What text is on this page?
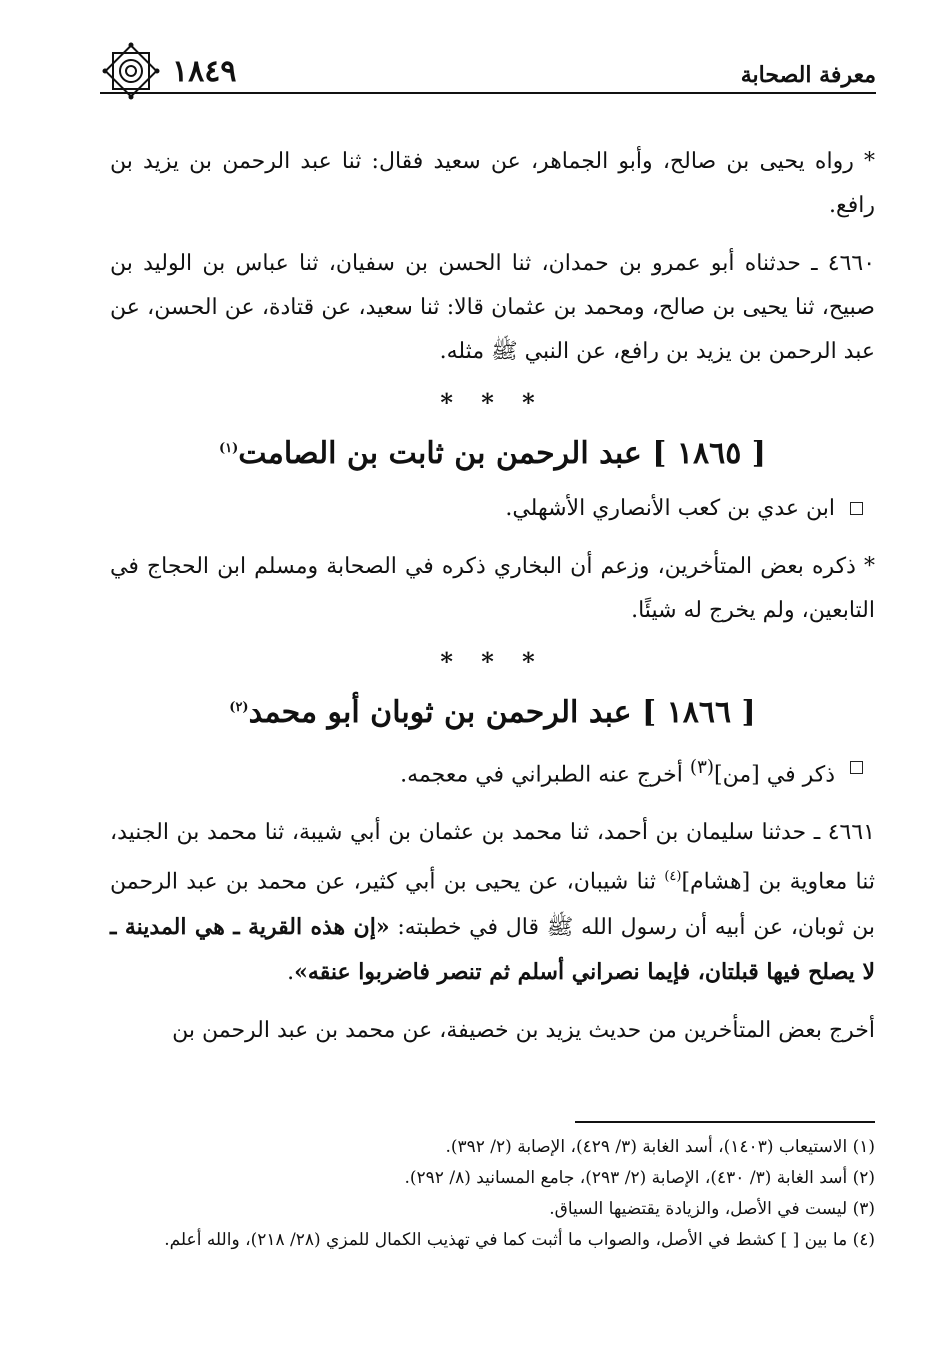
١٨٤٩	معرفة الصحابة

* رواه يحيى بن صالح، وأبو الجماهر، عن سعيد فقال: ثنا عبد الرحمن بن يزيد بن رافع.

٤٦٦٠ ـ حدثناه أبو عمرو بن حمدان، ثنا الحسن بن سفيان، ثنا عباس بن الوليد بن صبيح، ثنا يحيى بن صالح، ومحمد بن عثمان قالا: ثنا سعيد، عن قتادة، عن الحسن، عن عبد الرحمن بن يزيد بن رافع، عن النبي ﷺ مثله.

* * *
[ ١٨٦٥ ] عبد الرحمن بن ثابت بن الصامت$^{(١)}$
ابن عدي بن كعب الأنصاري الأشهلي.

* ذكره بعض المتأخرين، وزعم أن البخاري ذكره في الصحابة ومسلم ابن الحجاج في التابعين، ولم يخرج له شيئًا.

* * *
[ ١٨٦٦ ] عبد الرحمن بن ثوبان أبو محمد$^{(٢)}$
ذكر في [من]$^{(٣)}$ أخرج عنه الطبراني في معجمه.

٤٦٦١ ـ حدثنا سليمان بن أحمد، ثنا محمد بن عثمان بن أبي شيبة، ثنا محمد بن الجنيد، ثنا معاوية بن [هشام]$^{(٤)}$ ثنا شيبان، عن يحيى بن أبي كثير، عن محمد بن عبد الرحمن بن ثوبان، عن أبيه أن رسول الله ﷺ قال في خطبته: «إن هذه القرية ـ هي المدينة ـ لا يصلح فيها قبلتان، فإيما نصراني أسلم ثم تنصر فاضربوا عنقه».

أخرج بعض المتأخرين من حديث يزيد بن خصيفة، عن محمد بن عبد الرحمن بن

(١) الاستيعاب (١٤٠٣)، أسد الغابة (٣/ ٤٢٩)، الإصابة (٢/ ٣٩٢).

(٢) أسد الغابة (٣/ ٤٣٠)، الإصابة (٢/ ٢٩٣)، جامع المسانيد (٨/ ٢٩٢).

(٣) ليست في الأصل، والزيادة يقتضيها السياق.

(٤) ما بين [ ] كشط في الأصل، والصواب ما أثبت كما في تهذيب الكمال للمزي (٢٨/ ٢١٨)، والله أعلم.
